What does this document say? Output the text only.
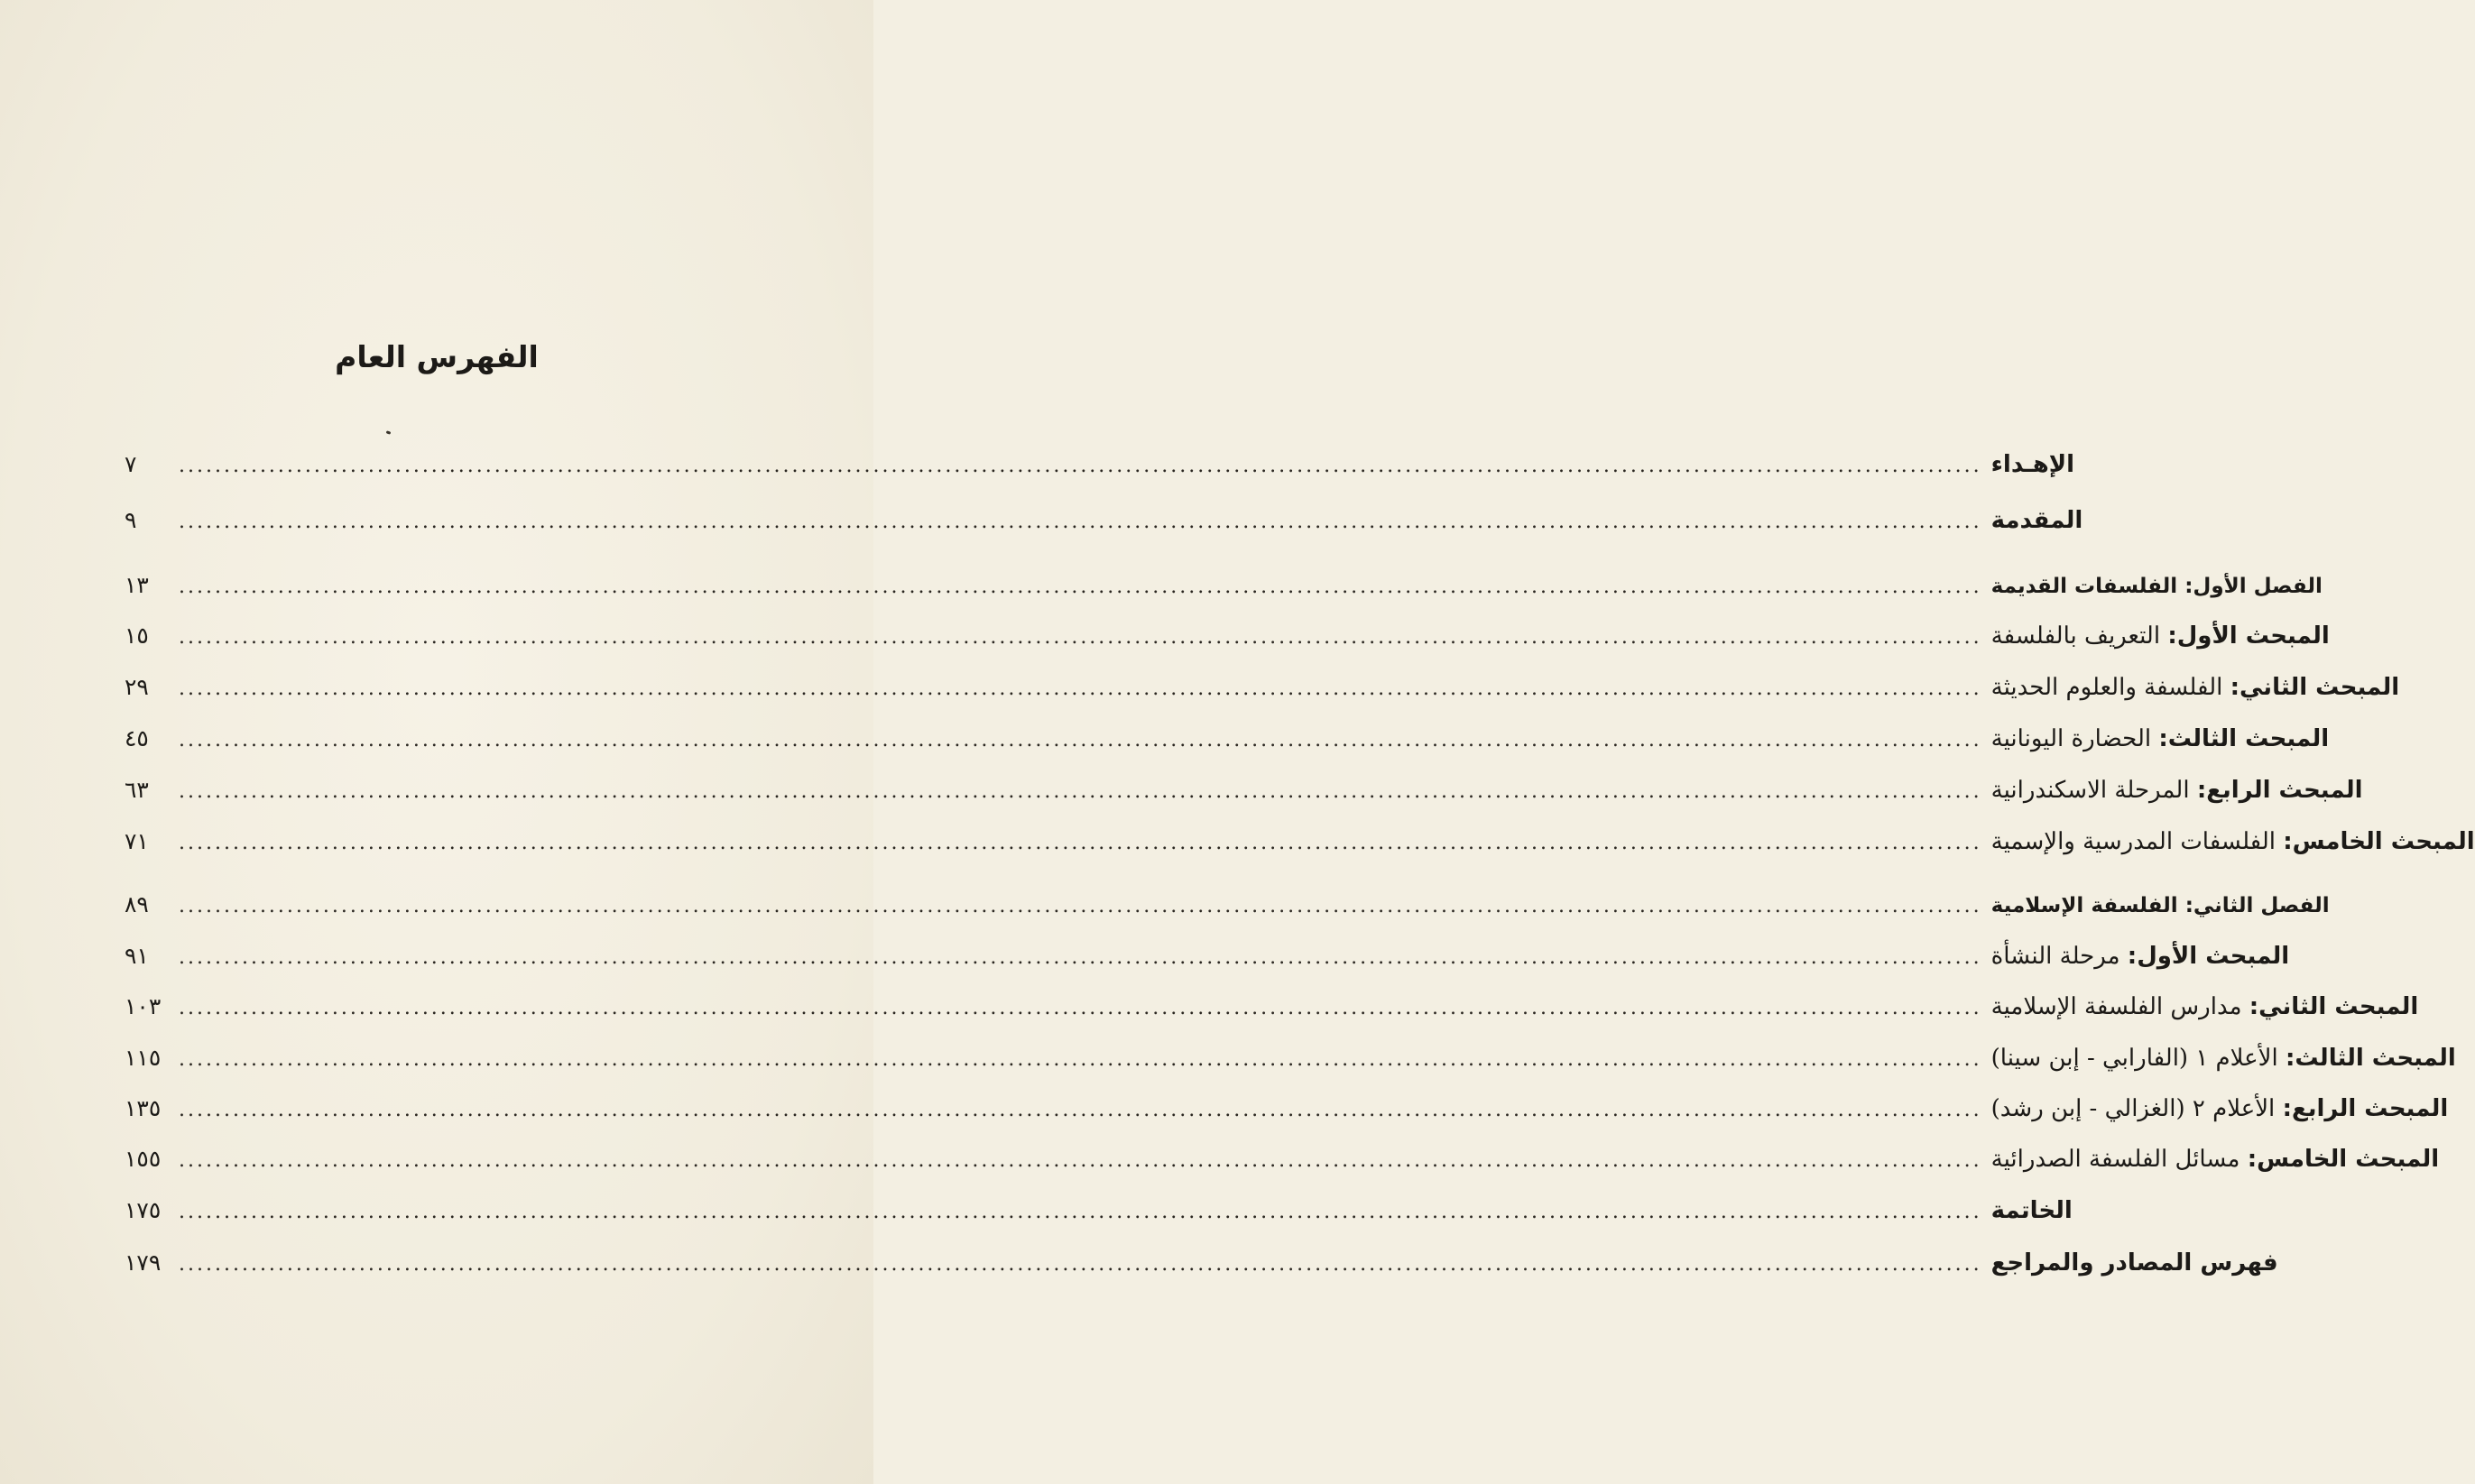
الفهرس العام
٧	........................................................................................................................................................................................................ الإهـداء
٩	........................................................................................................................................................................................................ المقدمة
١٣	........................................................................................................................................................................................................ الفصل الأول: الفلسفات القديمة
١٥	........................................................................................................................................................................................................	المبحث الأول: التعريف بالفلسفة
٢٩	........................................................................................................................................................................................................	المبحث الثاني: الفلسفة والعلوم الحديثة
٤٥	........................................................................................................................................................................................................	المبحث الثالث: الحضارة اليونانية
٦٣	........................................................................................................................................................................................................	المبحث الرابع: المرحلة الاسكندرانية
٧١	........................................................................................................................................................................................................	المبحث الخامس: الفلسفات المدرسية والإسمية
٨٩	........................................................................................................................................................................................................ الفصل الثاني: الفلسفة الإسلامية
٩١	........................................................................................................................................................................................................	المبحث الأول: مرحلة النشأة
١٠٣ ........................................................................................................................................................................................................	المبحث الثاني: مدارس الفلسفة الإسلامية
١١٥ ........................................................................................................................................................................................................	المبحث الثالث: الأعلام ١ (الفارابي - إبن سينا)
١٣٥ ........................................................................................................................................................................................................	المبحث الرابع: الأعلام ٢ (الغزالي - إبن رشد)
١٥٥ ........................................................................................................................................................................................................	المبحث الخامس: مسائل الفلسفة الصدرائية
١٧٥ ........................................................................................................................................................................................................ الخاتمة
١٧٩ ........................................................................................................................................................................................................ فهرس المصادر والمراجع
